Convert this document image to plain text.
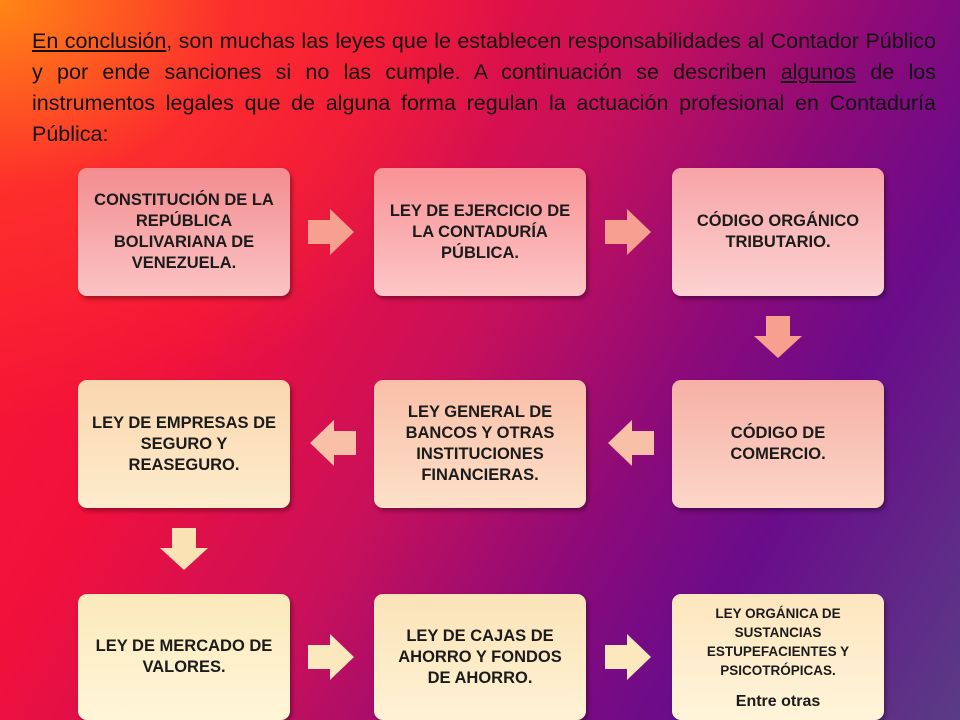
En conclusión, son muchas las leyes que le establecen responsabilidades al Contador Público y por ende sanciones si no las cumple. A continuación se describen algunos de los instrumentos legales que de alguna forma regulan la actuación profesional en Contaduría Pública:

CONSTITUCIÓN DE LA REPÚBLICA BOLIVARIANA DE VENEZUELA.
LEY DE EJERCICIO DE LA CONTADURÍA PÚBLICA.
CÓDIGO ORGÁNICO TRIBUTARIO.
CÓDIGO DE COMERCIO.
LEY GENERAL DE BANCOS Y OTRAS INSTITUCIONES FINANCIERAS.
LEY DE EMPRESAS DE SEGURO Y REASEGURO.
LEY DE MERCADO DE VALORES.
LEY DE CAJAS DE AHORRO Y FONDOS DE AHORRO.
LEY ORGÁNICA DE SUSTANCIAS ESTUPEFACIENTES Y PSICOTRÓPICAS.
Entre otras
